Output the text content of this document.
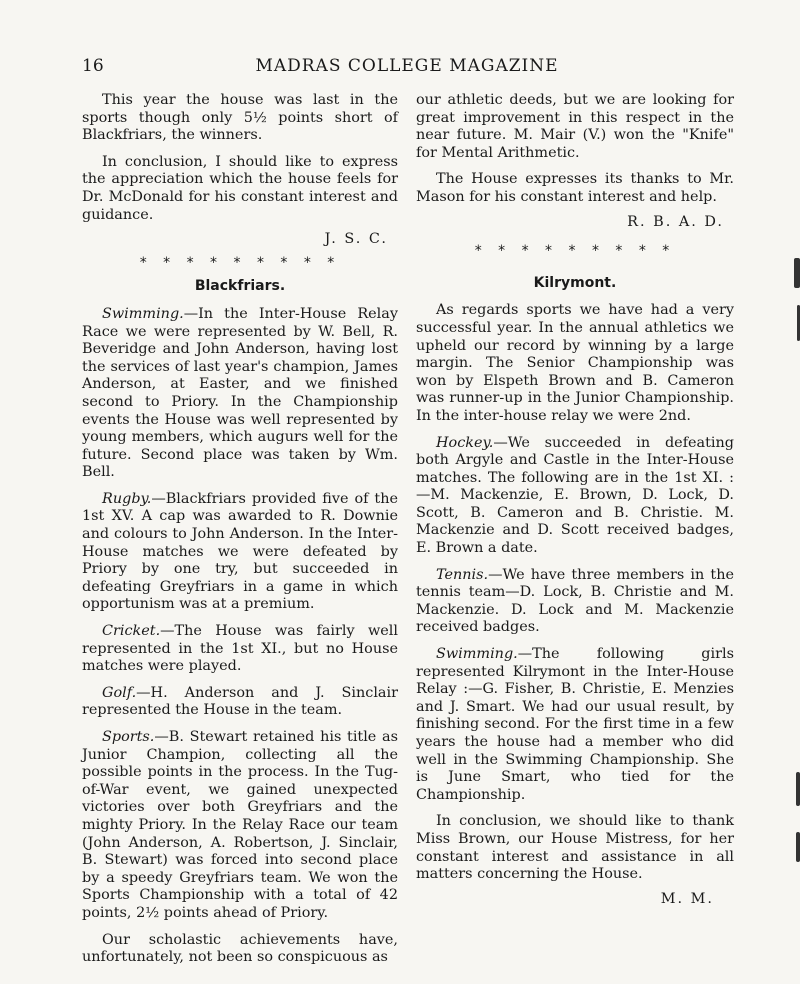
16	MADRAS COLLEGE MAGAZINE

This year the house was last in the sports though only 5½ points short of Blackfriars, the winners.

In conclusion, I should like to express the appreciation which the house feels for Dr. McDonald for his constant interest and guidance.

J. S. C.
* * * * * * * * *
Blackfriars.

Swimming.—In the Inter-House Relay Race we were represented by W. Bell, R. Beveridge and John Anderson, having lost the services of last year's champion, James Anderson, at Easter, and we finished second to Priory. In the Championship events the House was well represented by young members, which augurs well for the future. Second place was taken by Wm. Bell.

Rugby.—Blackfriars provided five of the 1st XV. A cap was awarded to R. Downie and colours to John Anderson. In the Inter-House matches we were defeated by Priory by one try, but succeeded in defeating Greyfriars in a game in which opportunism was at a premium.

Cricket.—The House was fairly well represented in the 1st XI., but no House matches were played.

Golf.—H. Anderson and J. Sinclair represented the House in the team.

Sports.—B. Stewart retained his title as Junior Champion, collecting all the possible points in the process. In the Tug-of-War event, we gained unexpected victories over both Greyfriars and the mighty Priory. In the Relay Race our team (John Anderson, A. Robertson, J. Sinclair, B. Stewart) was forced into second place by a speedy Greyfriars team. We won the Sports Championship with a total of 42 points, 2½ points ahead of Priory.

Our scholastic achievements have, unfortunately, not been so conspicuous as

our athletic deeds, but we are looking for great improvement in this respect in the near future. M. Mair (V.) won the "Knife" for Mental Arithmetic.

The House expresses its thanks to Mr. Mason for his constant interest and help.

R. B. A. D.
* * * * * * * * *
Kilrymont.

As regards sports we have had a very successful year. In the annual athletics we upheld our record by winning by a large margin. The Senior Championship was won by Elspeth Brown and B. Cameron was runner-up in the Junior Championship. In the inter-house relay we were 2nd.

Hockey.—We succeeded in defeating both Argyle and Castle in the Inter-House matches. The following are in the 1st XI. :—M. Mackenzie, E. Brown, D. Lock, D. Scott, B. Cameron and B. Christie. M. Mackenzie and D. Scott received badges, E. Brown a date.

Tennis.—We have three members in the tennis team—D. Lock, B. Christie and M. Mackenzie. D. Lock and M. Mackenzie received badges.

Swimming.—The following girls represented Kilrymont in the Inter-House Relay :—G. Fisher, B. Christie, E. Menzies and J. Smart. We had our usual result, by finishing second. For the first time in a few years the house had a member who did well in the Swimming Championship. She is June Smart, who tied for the Championship.

In conclusion, we should like to thank Miss Brown, our House Mistress, for her constant interest and assistance in all matters concerning the House.

M. M.
